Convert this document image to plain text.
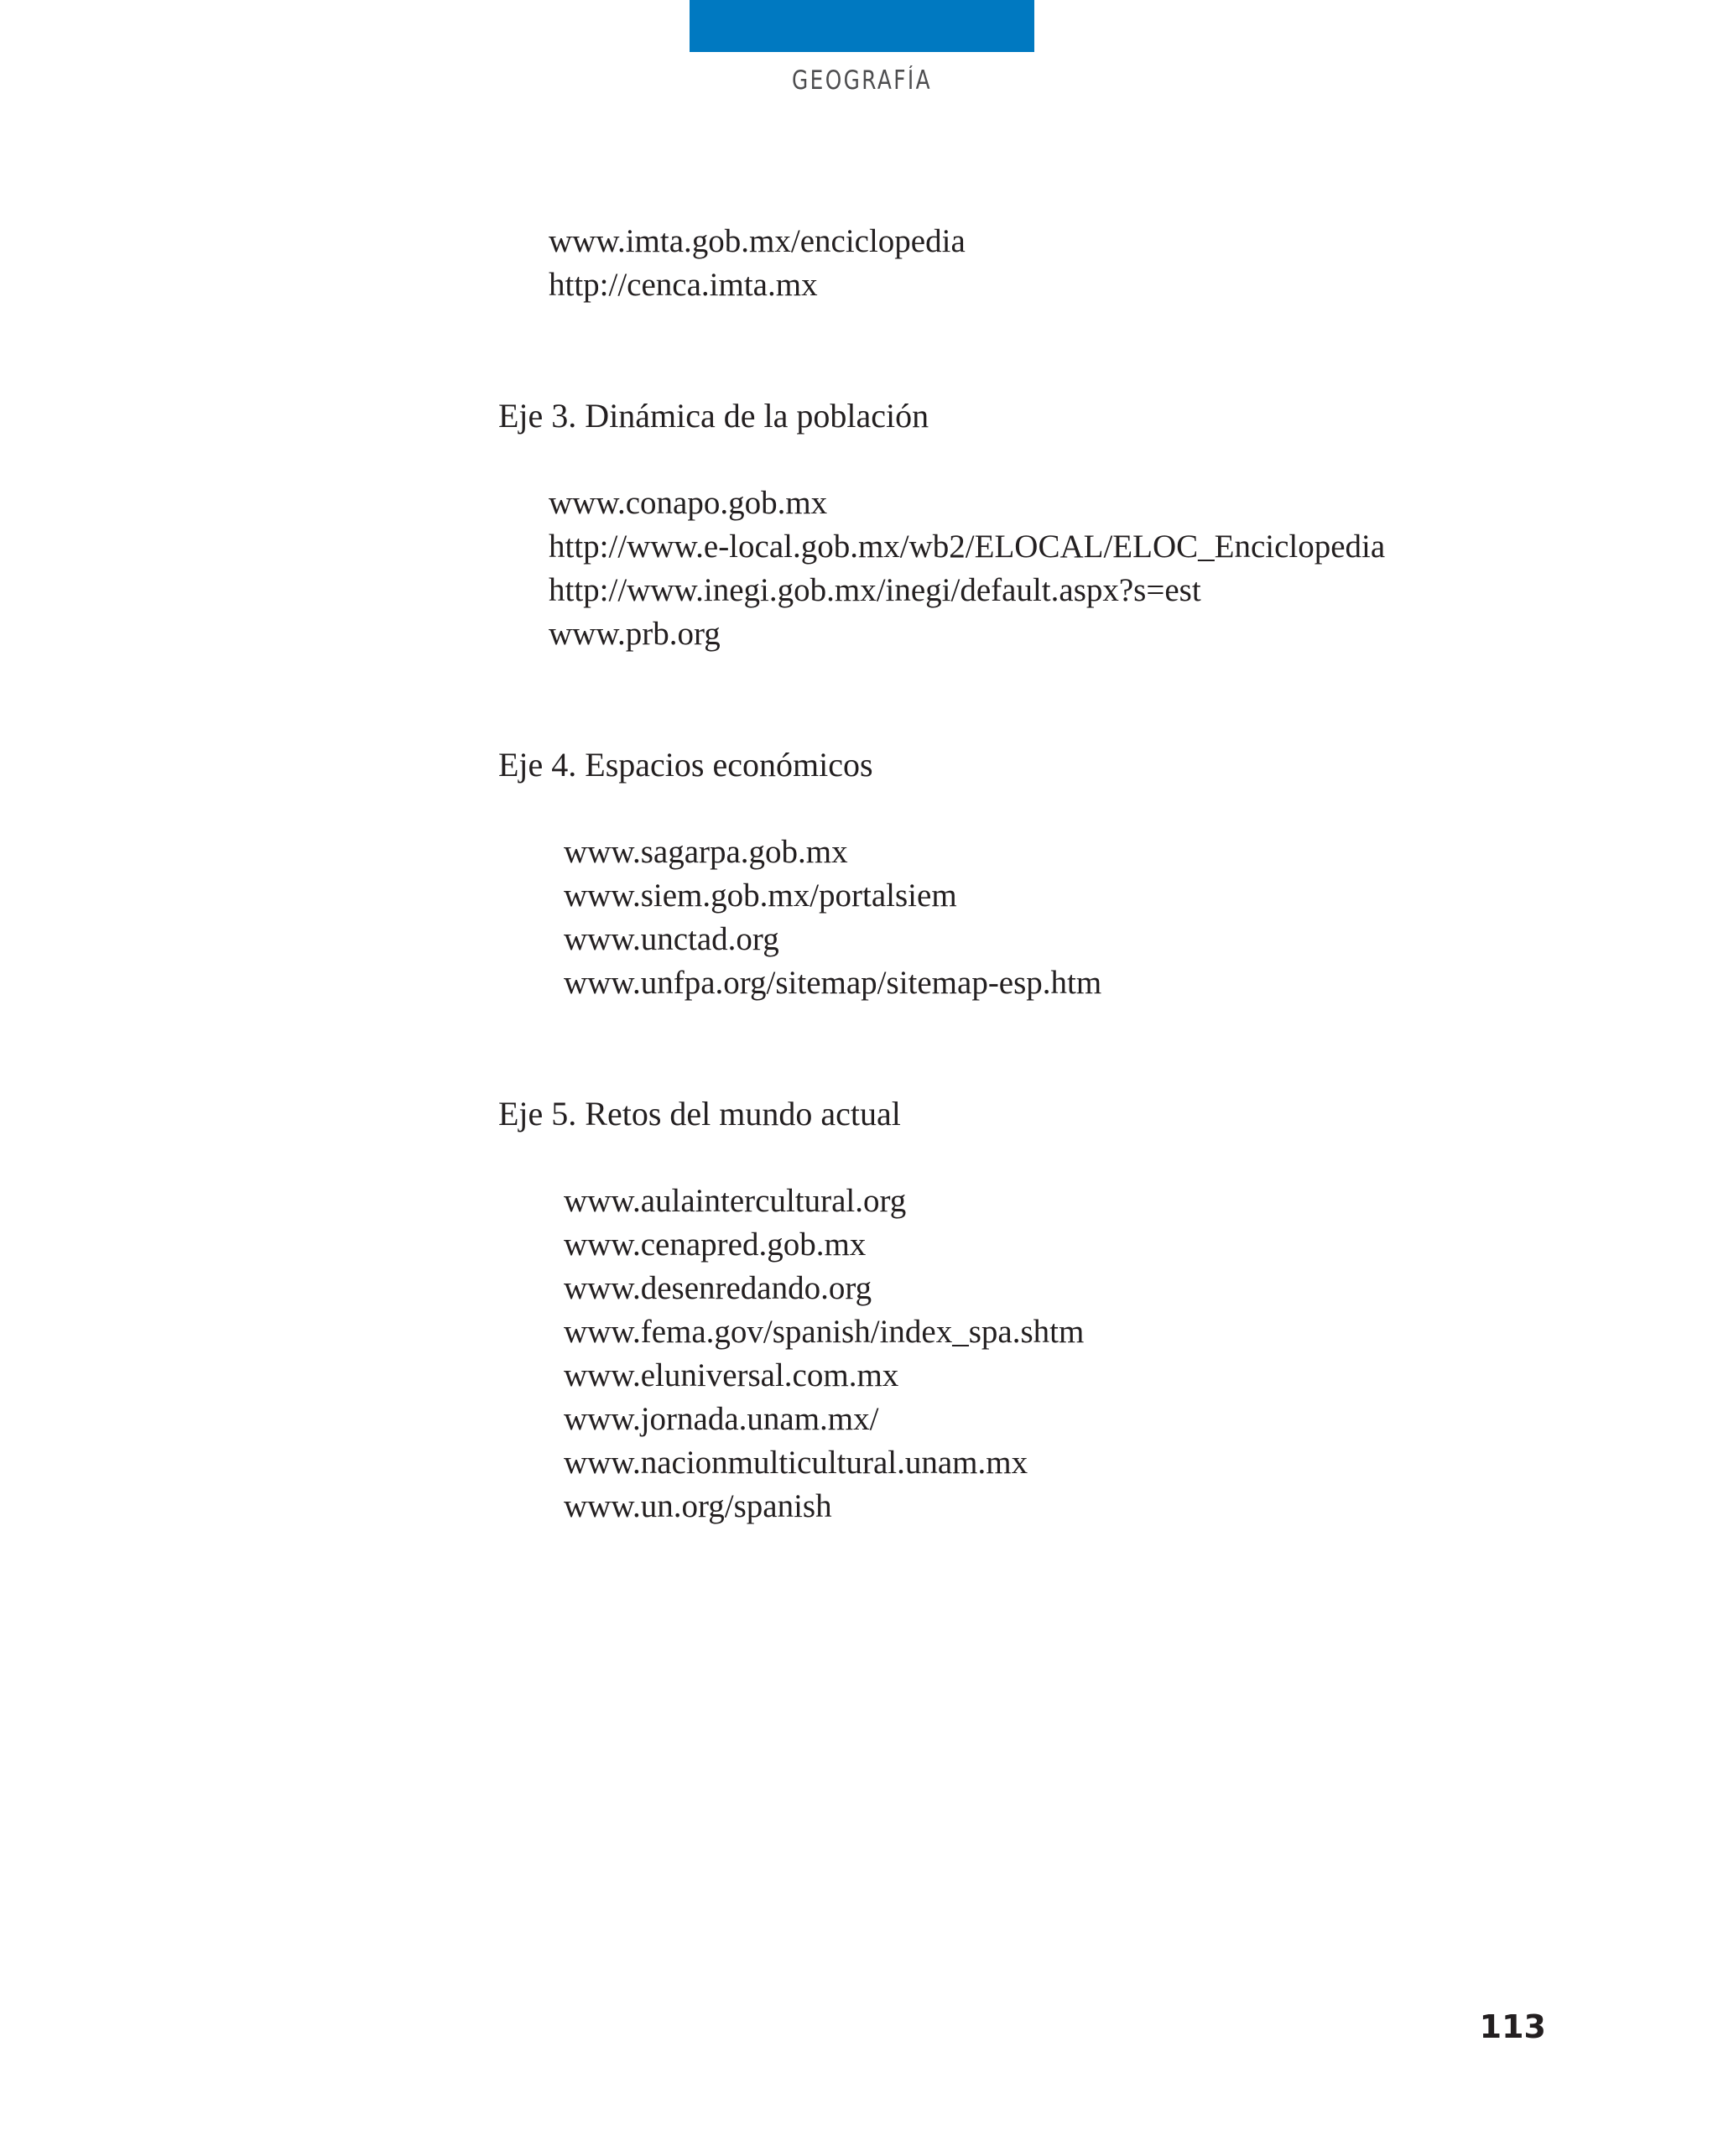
GEOGRAFÍA
www.imta.gob.mx/enciclopedia
http://cenca.imta.mx
Eje 3. Dinámica de la población
www.conapo.gob.mx
http://www.e-local.gob.mx/wb2/ELOCAL/ELOC_Enciclopedia
http://www.inegi.gob.mx/inegi/default.aspx?s=est
www.prb.org
Eje 4. Espacios económicos
www.sagarpa.gob.mx
www.siem.gob.mx/portalsiem
www.unctad.org
www.unfpa.org/sitemap/sitemap-esp.htm
Eje 5. Retos del mundo actual
www.aulaintercultural.org
www.cenapred.gob.mx
www.desenredando.org
www.fema.gov/spanish/index_spa.shtm
www.eluniversal.com.mx
www.jornada.unam.mx/
www.nacionmulticultural.unam.mx
www.un.org/spanish
113
